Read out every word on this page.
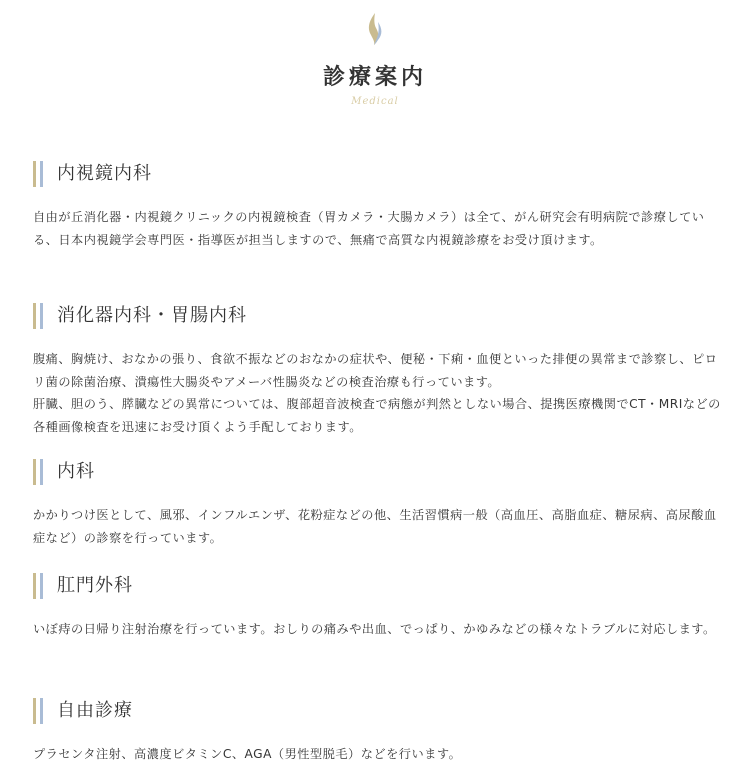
診療案内
Medical
内視鏡内科

自由が丘消化器・内視鏡クリニックの内視鏡検査（胃カメラ・大腸カメラ）は全て、がん研究会有明病院で診療している、日本内視鏡学会専門医・指導医が担当しますので、無痛で高質な内視鏡診療をお受け頂けます。

消化器内科・胃腸内科

腹痛、胸焼け、おなかの張り、食欲不振などのおなかの症状や、便秘・下痢・血便といった排便の異常まで診察し、ピロリ菌の除菌治療、潰瘍性大腸炎やアメーバ性腸炎などの検査治療も行っています。

肝臓、胆のう、膵臓などの異常については、腹部超音波検査で病態が判然としない場合、提携医療機関でCT・MRIなどの各種画像検査を迅速にお受け頂くよう手配しております。

内科

かかりつけ医として、風邪、インフルエンザ、花粉症などの他、生活習慣病一般（高血圧、高脂血症、糖尿病、高尿酸血症など）の診察を行っています。

肛門外科

いぼ痔の日帰り注射治療を行っています。おしりの痛みや出血、でっぱり、かゆみなどの様々なトラブルに対応します。

自由診療

プラセンタ注射、高濃度ビタミンC、AGA（男性型脱毛）などを行います。
